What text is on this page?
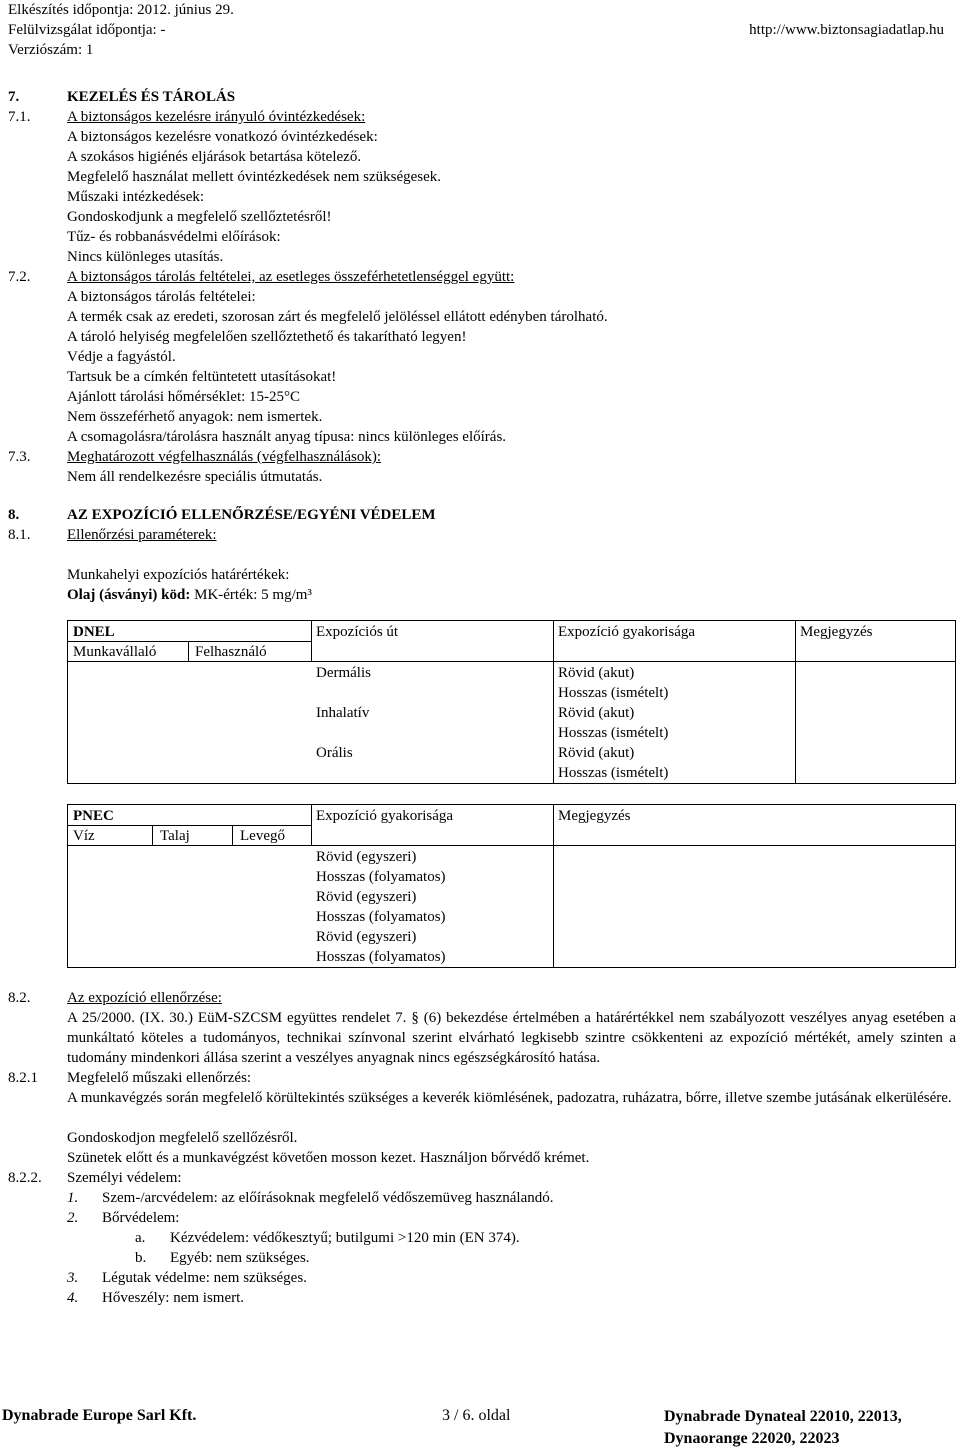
Elkészítés időpontja: 2012. június 29.
Felülvizsgálat időpontja: -
Verziószám: 1
http://www.biztonsagiadatlap.hu
7.	KEZELÉS ÉS TÁROLÁS
7.1. A biztonságos kezelésre irányuló óvintézkedések:
A biztonságos kezelésre vonatkozó óvintézkedések:
A szokásos higiénés eljárások betartása kötelező.
Megfelelő használat mellett óvintézkedések nem szükségesek.
Műszaki intézkedések:
Gondoskodjunk a megfelelő szellőztetésről!
Tűz- és robbanásvédelmi előírások:
Nincs különleges utasítás.
7.2. A biztonságos tárolás feltételei, az esetleges összeférhetetlenséggel együtt:
A biztonságos tárolás feltételei:
A termék csak az eredeti, szorosan zárt és megfelelő jelöléssel ellátott edényben tárolható.
A tároló helyiség megfelelően szellőztethető és takarítható legyen!
Védje a fagyástól.
Tartsuk be a címkén feltüntetett utasításokat!
Ajánlott tárolási hőmérséklet: 15-25°C
Nem összeférhető anyagok: nem ismertek.
A csomagolásra/tárolásra használt anyag típusa: nincs különleges előírás.
7.3. Meghatározott végfelhasználás (végfelhasználások):
Nem áll rendelkezésre speciális útmutatás.
8.	AZ EXPOZÍCIÓ ELLENŐRZÉSE/EGYÉNI VÉDELEM
8.1. Ellenőrzési paraméterek:
Munkahelyi expozíciós határértékek:
Olaj (ásványi) köd: MK-érték: 5 mg/m³
DNEL	Expozíciós út	Expozíció gyakorisága	Megjegyzés
Munkavállaló	Felhasználó
Dermális	Rövid (akut)
Hosszas (ismételt)
Inhalatív	Rövid (akut)
Hosszas (ismételt)
Orális	Rövid (akut)
Hosszas (ismételt)
PNEC	Expozíció gyakorisága	Megjegyzés
Víz	Talaj	Levegő
Rövid (egyszeri)
Hosszas (folyamatos)
Rövid (egyszeri)
Hosszas (folyamatos)
Rövid (egyszeri)
Hosszas (folyamatos)
8.2. Az expozíció ellenőrzése:
A 25/2000. (IX. 30.) EüM-SZCSM együttes rendelet 7. § (6) bekezdése értelmében a határértékkel nem szabályozott veszélyes anyag esetében a munkáltató köteles a tudományos, technikai színvonal szerint elvárható legkisebb szintre csökkenteni az expozíció mértékét, amely szinten a tudomány mindenkori állása szerint a veszélyes anyagnak nincs egészségkárosító hatása.
8.2.1 Megfelelő műszaki ellenőrzés:
A munkavégzés során megfelelő körültekintés szükséges a keverék kiömlésének, padozatra, ruházatra, bőrre, illetve szembe jutásának elkerülésére.
Gondoskodjon megfelelő szellőzésről.
Szünetek előtt és a munkavégzést követően mosson kezet. Használjon bőrvédő krémet.
8.2.2. Személyi védelem:
1. Szem-/arcvédelem: az előírásoknak megfelelő védőszemüveg használandó.
2. Bőrvédelem:
a. Kézvédelem: védőkesztyű; butilgumi >120 min (EN 374).
b. Egyéb: nem szükséges.
3. Légutak védelme: nem szükséges.
4. Hőveszély: nem ismert.
Dynabrade Europe Sarl Kft.	3 / 6. oldal	Dynabrade Dynateal 22010, 22013,
Dynaorange 22020, 22023
